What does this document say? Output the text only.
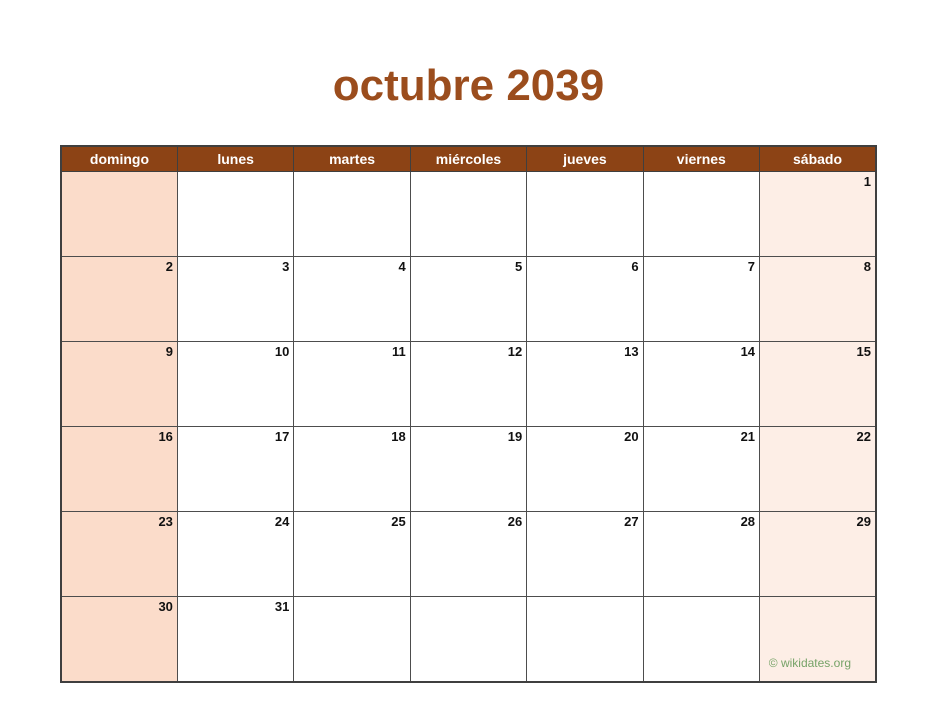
octubre 2039
domingo	lunes	martes	miércoles	jueves	viernes	sábado
						1
2	3	4	5	6	7	8
9	10	11	12	13	14	15
16	17	18	19	20	21	22
23	24	25	26	27	28	29
30	31					
© wikidates.org
